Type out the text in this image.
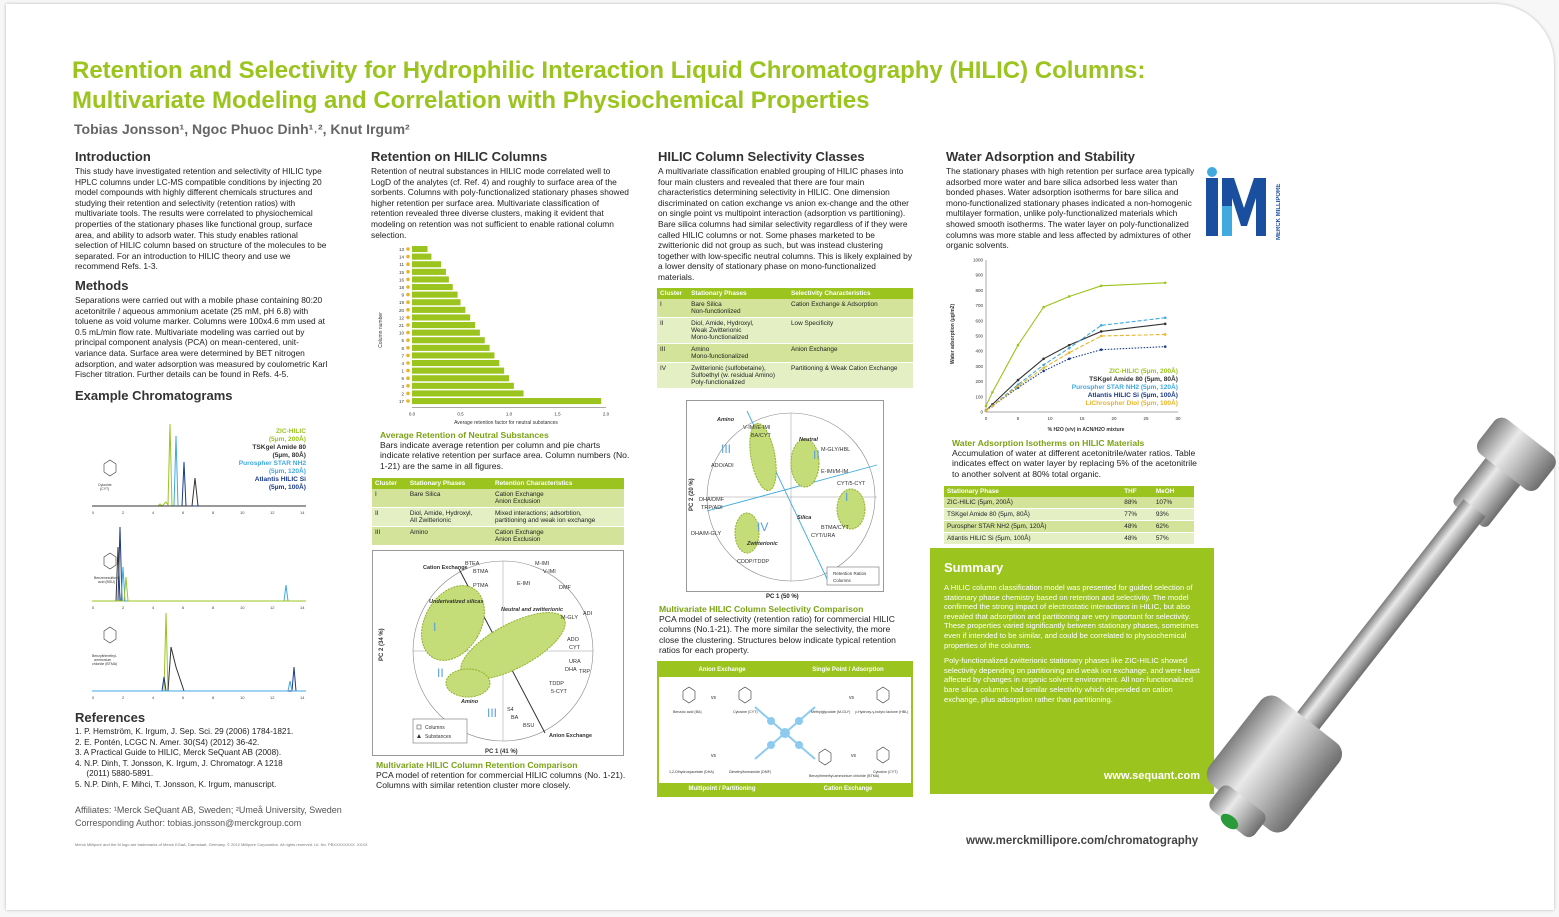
Retention and Selectivity for Hydrophilic Interaction Liquid Chromatography (HILIC) Columns:
Multivariate Modeling and Correlation with Physiochemical Properties
Tobias Jonsson¹, Ngoc Phuoc Dinh¹˒², Knut Irgum²
Introduction

This study have investigated retention and selectivity of HILIC type HPLC columns under LC-MS compatible conditions by injecting 20 model compounds with highly different chemicals structures and studying their retention and selectivity (retention ratios) with multivariate tools. The results were correlated to physiochemical properties of the stationary phases like functional group, surface area, and ability to adsorb water. This study enables rational selection of HILIC column based on structure of the molecules to be separated. For an introduction to HILIC theory and use we recommend Refs. 1-3.

Methods

Separations were carried out with a mobile phase containing 80:20 acetonitrile / aqueous ammonium acetate (25 mM, pH 6.8) with toluene as void volume marker. Columns were 100x4.6 mm used at 0.5 mL/min flow rate. Multivariate modeling was carried out by principal component analysis (PCA) on mean-centered, unit-variance data. Surface area were determined by BET nitrogen adsorption, and water adsorption was measured by coulometric Karl Fischer titration. Further details can be found in Refs. 4-5.

Example Chromatograms
0	2	4	6	8	10	12	14
Cytosine
(CYT)
0	2	4	6	8	10	12	14
Benzenesulfonic
acid (BSU)
0	2	4	6	8	10	12	14
Benzyltrimethyl-
ammonium
chloride (BTMA)
ZIC-HILIC
(5µm, 200Å)
TSKgel Amide 80
(5µm, 80Å)
Purospher STAR NH2
(5µm, 120Å)
Atlantis HILIC Si
(5µm, 100Å)
References
1. P. Hemström, K. Irgum, J. Sep. Sci. 29 (2006) 1784-1821.
2. E. Pontén, LCGC N. Amer. 30(S4) (2012) 36-42.
3. A Practical Guide to HILIC, Merck SeQuant AB (2008).
4. N.P. Dinh, T. Jonsson, K. Irgum, J. Chromatogr. A 1218
(2011) 5880-5891.
5. N.P. Dinh, F. Mihci, T. Jonsson, K. Irgum, manuscript.
Affiliates: ¹Merck SeQuant AB, Sweden; ²Umeå University, Sweden
Corresponding Author: tobias.jonsson@merckgroup.com
Merck Millipore and the M logo are trademarks of Merck KGaA, Darmstadt, Germany. © 2012 Millipore Corporation. All rights reserved. Lit. No. PBXXXXXXXX. XXXX
Retention on HILIC Columns

Retention of neutral substances in HILIC mode correlated well to LogD of the analytes (cf. Ref. 4) and roughly to surface area of the sorbents. Columns with poly-functionalized stationary phases showed higher retention per surface area. Multivariate classification of retention revealed three diverse clusters, making it evident that modeling on retention was not sufficient to enable rational column selection.

Column number
Average retention factor for neutral substances
13
14
11
15
16
18
9
19
20
12
21
10
5
8
7
4
1
6
3
2
17
0.0	0.5	1.0	1.5	2.0
Average Retention of Neutral Substances

Bars indicate average retention per column and pie charts indicate relative retention per surface area. Column numbers (No. 1-21) are the same in all figures.

Cluster	Stationary Phases	Retention Characteristics
I	Bare Silica	Cation Exchange
Anion Exclusion
II	Diol, Amide, Hydroxyl,
All Zwitterionic	Mixed interactions; adsorbtion,
partitioning and weak ion exchange
III	Amino	Cation Exchange
Anion Exclusion
Cation Exchange
Underivatized silicas
Neutral and zwitterionic
Amino
Anion Exchange
BTEA
BTMA
M-IMI
V-IMI
E-IMI
DMF
PTMA
M-GLY
ADI
ADO
CYT
URA
DHA TRP
TDDP
5-CYT
S4
BA
BSU
I
II
III
Columns
Substances
PC 2 (34 %)
PC 1 (41 %)
Multivariate HILIC Column Retention Comparison

PCA model of retention for commercial HILIC columns (No. 1-21). Columns with similar retention cluster more closely.

HILIC Column Selectivity Classes

A multivariate classification enabled grouping of HILIC phases into four main clusters and revealed that there are four main characteristics determining selectivity in HILIC. One dimension discriminated on cation exchange vs anion ex-change and the other on single point vs multipoint interaction (adsorption vs partitioning). Bare silica columns had similar selectivity regardless of if they were called HILIC columns or not. Some phases marketed to be zwitterionic did not group as such, but was instead clustering together with low-specific neutral columns. This is likely explained by a lower density of stationary phase on mono-functionalized materials.

Cluster	Stationary Phases	Selectivity Characteristics
I	Bare Silica
Non-functionlized	Cation Exchange & Adsorption
II	Diol, Amide, Hydroxyl,
Weak Zwitterionic
Mono-functionalized	Low Specificity
III	Amino
Mono-functionalized	Anion Exchange
IV	Zwitterionic (sulfobetaine),
Sulfoethyl (w. residual Amino)
Poly-functionalized	Partitioning & Weak Cation Exchange
Amino
Neutral
Silica
Zwitterionic
V-IMI/E-IMI
BA/CYT
ADO/ADI
M-GLY/HBL
E-IMI/M-IM
CYT/5-CYT
DHA/DMF
TRP/ADI
DHA/M-GLY
BTMA/CYT
CYT/URA
CDDP/TDDP
III	II
I
IV
Retention Ratios
Columns
PC 2 (20 %)
PC 1 (50 %)
Multivariate HILIC Column Selectivity Comparison

PCA model of selectivity (retention ratio) for commercial HILIC columns (No.1-21). The more similar the selectivity, the more close the clustering. Structures below indicate typical retention ratios for each property.

Anion Exchange	Single Point / Adsorption
Multipoint / Partitioning	Cation Exchange
Benzoic acid (BA)	Cytosine (CYT)	Methylglycolate (M-GLY) γ-Hydroxy-γ-butyro lactone (HBL)
1,2-Dihydroxyacetate (DHA)	Dimethylformamide (DMF)
Benzyltrimethyl-ammonium chloride (BTMA)
Cytosine (CYT)
vs	vs
vs	vs
Water Adsorption and Stability

The stationary phases with high retention per surface area typically adsorbed more water and bare silica adsorbed less water than bonded phases. Water adsorption isotherms for bare silica and mono-functionalized stationary phases indicated a non-homogenic multilayer formation, unlike poly-functionalized materials which showed smooth isotherms. The water layer on poly-functionalized columns was more stable and less affected by admixtures of other organic solvents.

Water adsorption (µg/m2)
% H2O (v/v) in ACN/H2O mixture
0	5	10	15	20	25	30
0
100
200
300
400
500
600
700
800
900
1000
ZIC-HILIC (5µm, 200Å)
TSKgel Amide 80 (5µm, 80Å)
Purospher STAR NH2 (5µm, 120Å)
Atlantis HILIC Si (5µm, 100Å)
LiChrospher Diol (5µm, 100Å)
Water Adsorption Isotherms on HILIC Materials

Accumulation of water at different acetonitrile/water ratios. Table indicates effect on water layer by replacing 5% of the acetonitrile to another solvent at 80% total organic.

Stationary Phase	THF	MeOH
ZIC-HILIC (5µm, 200Å)	88%	107%
TSKgel Amide 80 (5µm, 80Å)	77%	93%
Purospher STAR NH2 (5µm, 120Å)	48%	62%
Atlantis HILIC Si (5µm, 100Å)	48%	57%
Summary

A HILIC column classification model was presented for guided selection of stationary phase chemistry based on retention and selectivity. The model confirmed the strong impact of electrostatic interactions in HILIC, but also revealed that adsorption and partitioning are very important for selectivity. These properties varied significantly between stationary phases, sometimes even if intended to be similar, and could be correlated to physiochemical properties of the columns.

Poly-functionalized zwitterionic stationary phases like ZIC-HILIC showed selectivity depending on partitioning and weak ion exchange, and were least affected by changes in organic solvent environment. All non-functionalized bare silica columns had similar selectivity which depended on cation exchange, plus adsorption rather than partitioning.

www.sequant.com
www.merckmillipore.com/chromatography
MERCK MILLIPORE
